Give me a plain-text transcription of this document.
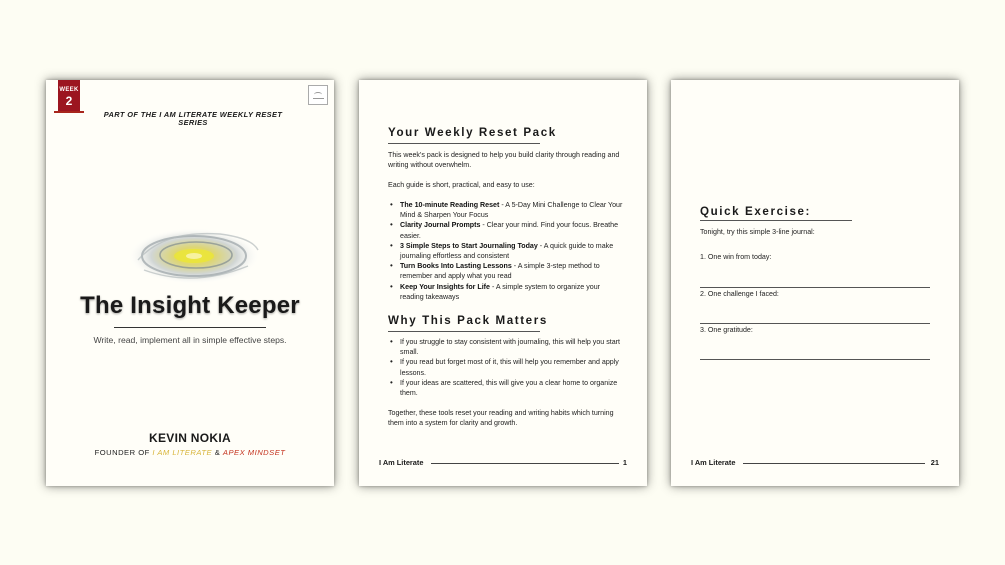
WEEK
2
PART OF THE I AM LITERATE WEEKLY RESET SERIES
The Insight Keeper
Write, read, implement all in simple effective steps.
KEVIN NOKIA
FOUNDER OF I AM LITERATE & APEX MINDSET
Your Weekly Reset Pack
This week’s pack is designed to help you build clarity through reading and writing without overwhelm.
Each guide is short, practical, and easy to use:
• The 10-minute Reading Reset - A 5-Day Mini Challenge to Clear Your Mind & Sharpen Your Focus
• Clarity Journal Prompts - Clear your mind. Find your focus. Breathe easier.
• 3 Simple Steps to Start Journaling Today - A quick guide to make journaling effortless and consistent
• Turn Books Into Lasting Lessons - A simple 3-step method to remember and apply what you read
• Keep Your Insights for Life - A simple system to organize your reading takeaways
Why This Pack Matters
• If you struggle to stay consistent with journaling, this will help you start small.
• If you read but forget most of it, this will help you remember and apply lessons.
• If your ideas are scattered, this will give you a clear home to organize them.
Together, these tools reset your reading and writing habits which turning them into a system for clarity and growth.
I Am Literate	1
Quick Exercise:
Tonight, try this simple 3-line journal:
1. One win from today:
2. One challenge I faced:
3. One gratitude:
I Am Literate	21
